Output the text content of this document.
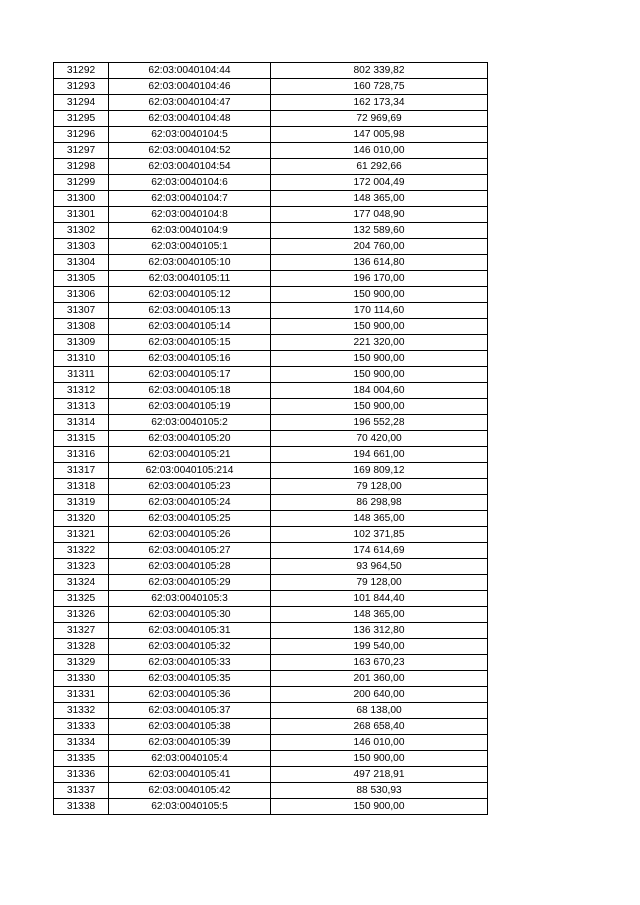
31292	62:03:0040104:44	802 339,82
31293	62:03:0040104:46	160 728,75
31294	62:03:0040104:47	162 173,34
31295	62:03:0040104:48	72 969,69
31296	62:03:0040104:5	147 005,98
31297	62:03:0040104:52	146 010,00
31298	62:03:0040104:54	61 292,66
31299	62:03:0040104:6	172 004,49
31300	62:03:0040104:7	148 365,00
31301	62:03:0040104:8	177 048,90
31302	62:03:0040104:9	132 589,60
31303	62:03:0040105:1	204 760,00
31304	62:03:0040105:10	136 614,80
31305	62:03:0040105:11	196 170,00
31306	62:03:0040105:12	150 900,00
31307	62:03:0040105:13	170 114,60
31308	62:03:0040105:14	150 900,00
31309	62:03:0040105:15	221 320,00
31310	62:03:0040105:16	150 900,00
31311	62:03:0040105:17	150 900,00
31312	62:03:0040105:18	184 004,60
31313	62:03:0040105:19	150 900,00
31314	62:03:0040105:2	196 552,28
31315	62:03:0040105:20	70 420,00
31316	62:03:0040105:21	194 661,00
31317	62:03:0040105:214	169 809,12
31318	62:03:0040105:23	79 128,00
31319	62:03:0040105:24	86 298,98
31320	62:03:0040105:25	148 365,00
31321	62:03:0040105:26	102 371,85
31322	62:03:0040105:27	174 614,69
31323	62:03:0040105:28	93 964,50
31324	62:03:0040105:29	79 128,00
31325	62:03:0040105:3	101 844,40
31326	62:03:0040105:30	148 365,00
31327	62:03:0040105:31	136 312,80
31328	62:03:0040105:32	199 540,00
31329	62:03:0040105:33	163 670,23
31330	62:03:0040105:35	201 360,00
31331	62:03:0040105:36	200 640,00
31332	62:03:0040105:37	68 138,00
31333	62:03:0040105:38	268 658,40
31334	62:03:0040105:39	146 010,00
31335	62:03:0040105:4	150 900,00
31336	62:03:0040105:41	497 218,91
31337	62:03:0040105:42	88 530,93
31338	62:03:0040105:5	150 900,00
